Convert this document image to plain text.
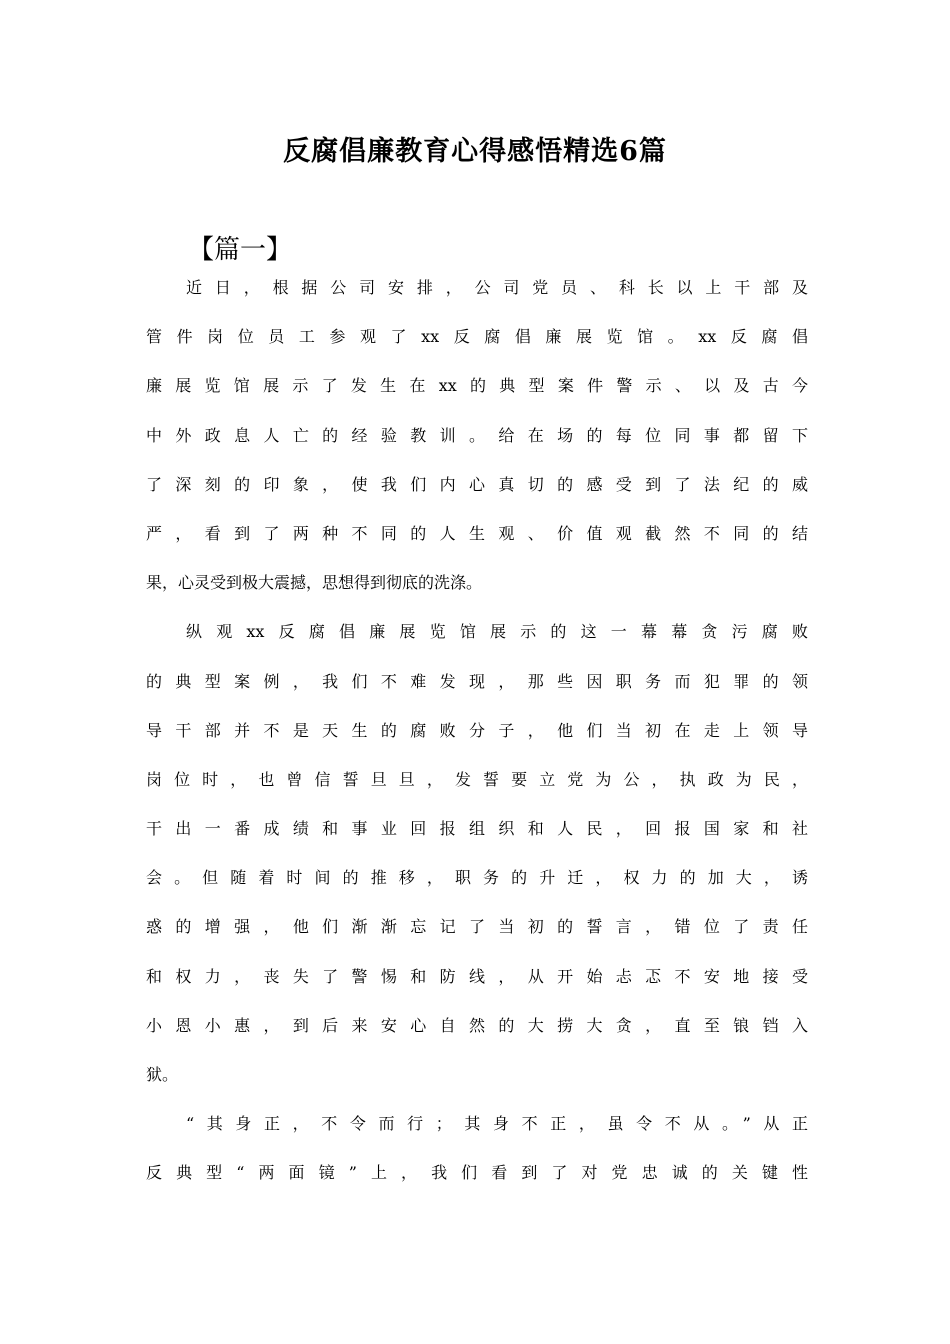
反腐倡廉教育心得感悟精选6篇
【篇一】
近日，根据公司安排，公司党员、科长以上干部及
管件岗位员工参观了xx反腐倡廉展览馆。xx反腐倡
廉展览馆展示了发生在xx的典型案件警示、以及古今
中外政息人亡的经验教训。给在场的每位同事都留下
了深刻的印象，使我们内心真切的感受到了法纪的威
严，看到了两种不同的人生观、价值观截然不同的结
果，心灵受到极大震撼，思想得到彻底的洗涤。
纵观xx反腐倡廉展览馆展示的这一幕幕贪污腐败
的典型案例，我们不难发现，那些因职务而犯罪的领
导干部并不是天生的腐败分子，他们当初在走上领导
岗位时，也曾信誓旦旦，发誓要立党为公，执政为民，
干出一番成绩和事业回报组织和人民，回报国家和社
会。但随着时间的推移，职务的升迁，权力的加大，诱
惑的增强，他们渐渐忘记了当初的誓言，错位了责任
和权力，丧失了警惕和防线，从开始忐忑不安地接受
小恩小惠，到后来安心自然的大捞大贪，直至锒铛入
狱。
“其身正，不令而行；其身不正，虽令不从。”从正
反典型“两面镜”上，我们看到了对党忠诚的关键性
